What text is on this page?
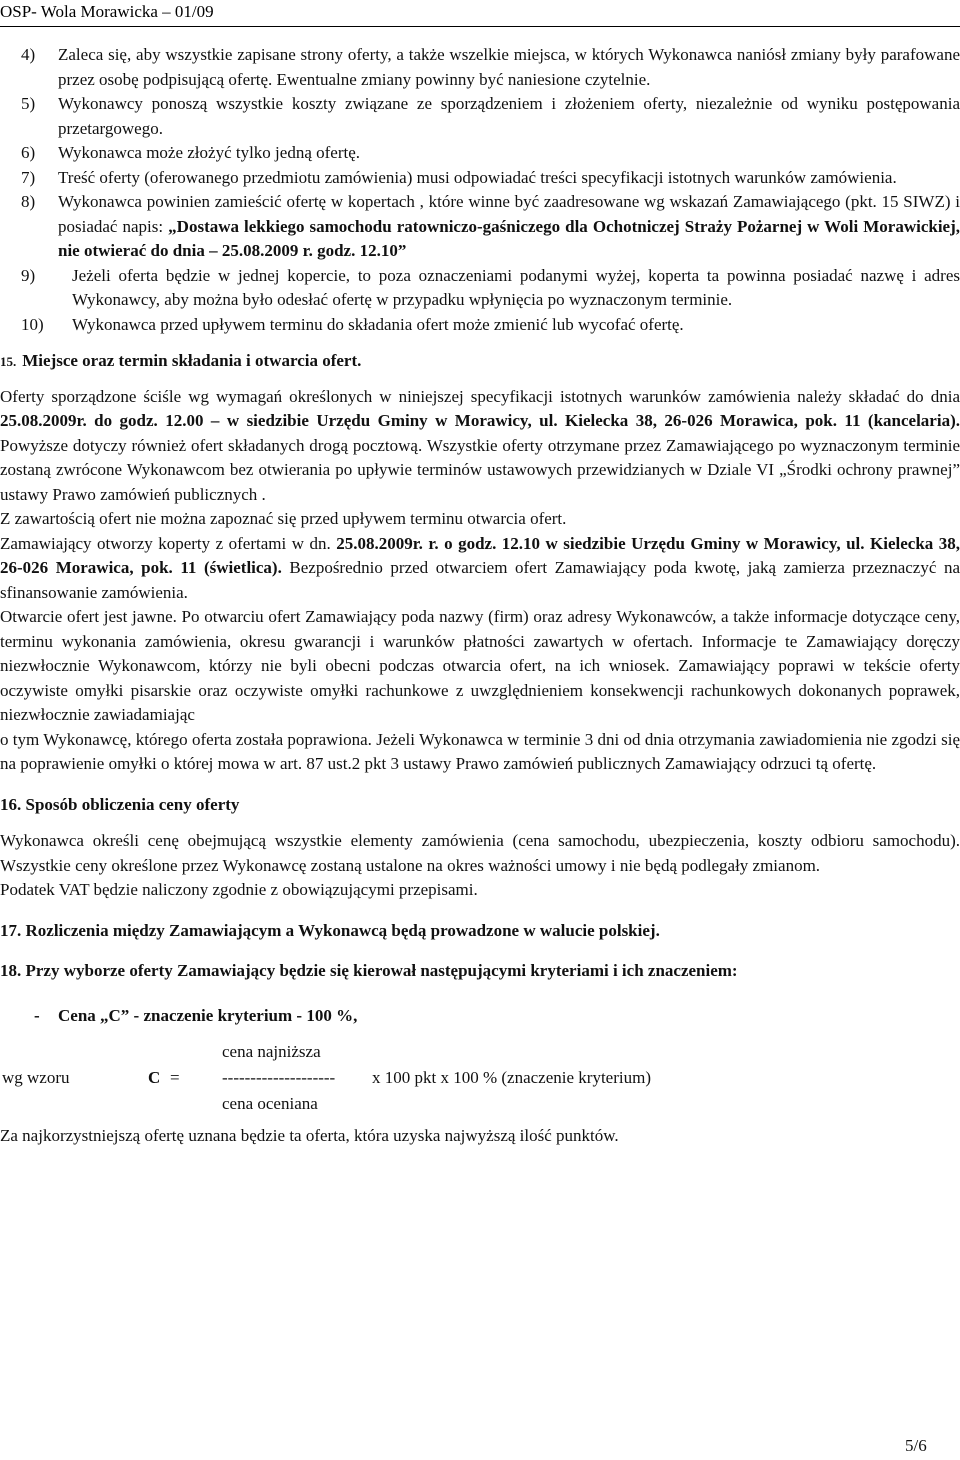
OSP- Wola Morawicka – 01/09

4) Zaleca się, aby wszystkie zapisane strony oferty, a także wszelkie miejsca, w których Wykonawca naniósł zmiany były parafowane przez osobę podpisującą ofertę. Ewentualne zmiany powinny być naniesione czytelnie.

5) Wykonawcy ponoszą wszystkie koszty związane ze sporządzeniem i złożeniem oferty, niezależnie od wyniku postępowania przetargowego.

6) Wykonawca może złożyć tylko jedną ofertę.

7) Treść oferty (oferowanego przedmiotu zamówienia) musi odpowiadać treści specyfikacji istotnych warunków zamówienia.

8) Wykonawca powinien zamieścić ofertę w kopertach , które winne być zaadresowane wg wskazań Zamawiającego (pkt. 15 SIWZ) i posiadać napis: „Dostawa lekkiego samochodu ratowniczo-gaśniczego dla Ochotniczej Straży Pożarnej w Woli Morawickiej, nie otwierać do dnia – 25.08.2009 r. godz. 12.10”

9) Jeżeli oferta będzie w jednej kopercie, to poza oznaczeniami podanymi wyżej, koperta ta powinna posiadać nazwę i adres Wykonawcy, aby można było odesłać ofertę w przypadku wpłynięcia po wyznaczonym terminie.

10) Wykonawca przed upływem terminu do składania ofert może zmienić lub wycofać ofertę.

15. Miejsce oraz termin składania i otwarcia ofert.

Oferty sporządzone ściśle wg wymagań określonych w niniejszej specyfikacji istotnych warunków zamówienia należy składać do dnia 25.08.2009r. do godz. 12.00 – w siedzibie Urzędu Gminy w Morawicy, ul. Kielecka 38, 26-026 Morawica, pok. 11 (kancelaria). Powyższe dotyczy również ofert składanych drogą pocztową. Wszystkie oferty otrzymane przez Zamawiającego po wyznaczonym terminie zostaną zwrócone Wykonawcom bez otwierania po upływie terminów ustawowych przewidzianych w Dziale VI „Środki ochrony prawnej” ustawy Prawo zamówień publicznych .

Z zawartością ofert nie można zapoznać się przed upływem terminu otwarcia ofert.

Zamawiający otworzy koperty z ofertami w dn. 25.08.2009r. r. o godz. 12.10 w siedzibie Urzędu Gminy w Morawicy, ul. Kielecka 38, 26-026 Morawica, pok. 11 (świetlica). Bezpośrednio przed otwarciem ofert Zamawiający poda kwotę, jaką zamierza przeznaczyć na sfinansowanie zamówienia.

Otwarcie ofert jest jawne. Po otwarciu ofert Zamawiający poda nazwy (firm) oraz adresy Wykonawców, a także informacje dotyczące ceny, terminu wykonania zamówienia, okresu gwarancji i warunków płatności zawartych w ofertach. Informacje te Zamawiający doręczy niezwłocznie Wykonawcom, którzy nie byli obecni podczas otwarcia ofert, na ich wniosek. Zamawiający poprawi w tekście oferty oczywiste omyłki pisarskie oraz oczywiste omyłki rachunkowe z uwzględnieniem konsekwencji rachunkowych dokonanych poprawek, niezwłocznie zawiadamiając

o tym Wykonawcę, którego oferta została poprawiona. Jeżeli Wykonawca w terminie 3 dni od dnia otrzymania zawiadomienia nie zgodzi się na poprawienie omyłki o której mowa w art. 87 ust.2 pkt 3 ustawy Prawo zamówień publicznych Zamawiający odrzuci tą ofertę.

16. Sposób obliczenia ceny oferty

Wykonawca określi cenę obejmującą wszystkie elementy zamówienia (cena samochodu, ubezpieczenia, koszty odbioru samochodu). Wszystkie ceny określone przez Wykonawcę zostaną ustalone na okres ważności umowy i nie będą podlegały zmianom.

Podatek VAT będzie naliczony zgodnie z obowiązującymi przepisami.

17. Rozliczenia między Zamawiającym a Wykonawcą będą prowadzone w walucie polskiej.

18. Przy wyborze oferty Zamawiający będzie się kierował następującymi kryteriami i ich znaczeniem:

- Cena „C” - znaczenie kryterium - 100 %,

cena najniższa
wg wzoru	C = -------------------- x 100 pkt x 100 % (znaczenie kryterium)
cena oceniana

Za najkorzystniejszą ofertę uznana będzie ta oferta, która uzyska najwyższą ilość punktów.

5/6
